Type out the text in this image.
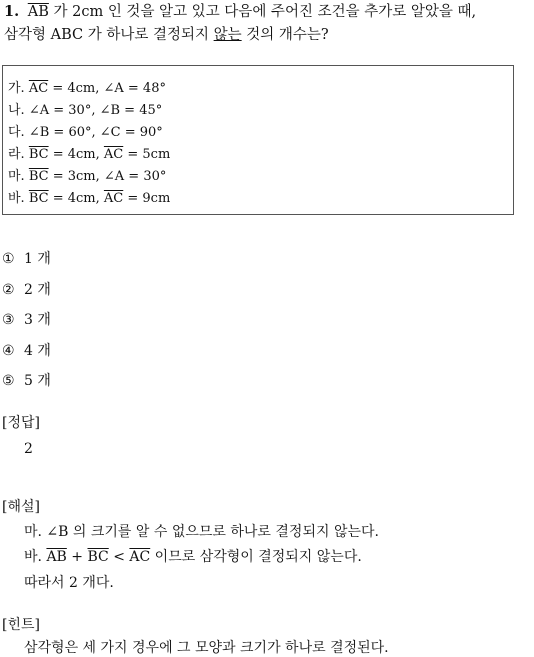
1. $\overline{AB}$ 가 2cm 인 것을 알고 있고 다음에 주어진 조건을 추가로 알았을 때,
삼각형 ABC 가 하나로 결정되지 않는 것의 개수는?
가. $\overline{AC} = 4cm$, ∠A = 48°
나. ∠A = 30°, ∠B = 45°
다. ∠B = 60°, ∠C = 90°
라. $\overline{BC} = 4cm$, $\overline{AC} = 5cm$
마. $\overline{BC} = 3cm$, ∠A = 30°
바. $\overline{BC} = 4cm$, $\overline{AC} = 9cm$
① 1 개
② 2 개
③ 3 개
④ 4 개
⑤ 5 개
[정답]
2
[해설]
마. ∠B 의 크기를 알 수 없으므로 하나로 결정되지 않는다.
바. $\overline{AB} + \overline{BC} < \overline{AC}$ 이므로 삼각형이 결정되지 않는다.
따라서 2 개다.
[힌트]
삼각형은 세 가지 경우에 그 모양과 크기가 하나로 결정된다.
